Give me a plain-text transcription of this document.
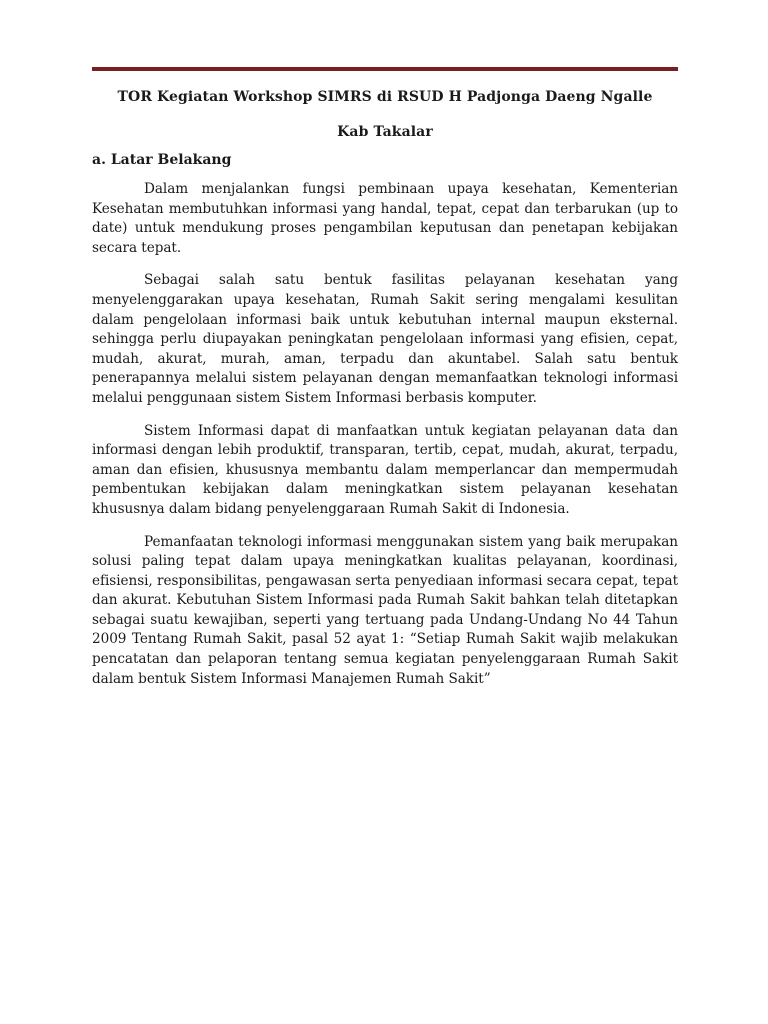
TOR Kegiatan Workshop SIMRS di RSUD H Padjonga Daeng Ngalle

Kab Takalar

a. Latar Belakang

Dalam menjalankan fungsi pembinaan upaya kesehatan, Kementerian Kesehatan membutuhkan informasi yang handal, tepat, cepat dan terbarukan (up to date) untuk mendukung proses pengambilan keputusan dan penetapan kebijakan secara tepat.

Sebagai salah satu bentuk fasilitas pelayanan kesehatan yang menyelenggarakan upaya kesehatan, Rumah Sakit sering mengalami kesulitan dalam pengelolaan informasi baik untuk kebutuhan internal maupun eksternal. sehingga perlu diupayakan peningkatan pengelolaan informasi yang efisien, cepat, mudah, akurat, murah, aman, terpadu dan akuntabel. Salah satu bentuk penerapannya melalui sistem pelayanan dengan memanfaatkan teknologi informasi melalui penggunaan sistem Sistem Informasi berbasis komputer.

Sistem Informasi dapat di manfaatkan untuk kegiatan pelayanan data dan informasi dengan lebih produktif, transparan, tertib, cepat, mudah, akurat, terpadu, aman dan efisien, khususnya membantu dalam memperlancar dan mempermudah pembentukan kebijakan dalam meningkatkan sistem pelayanan kesehatan khususnya dalam bidang penyelenggaraan Rumah Sakit di Indonesia.

Pemanfaatan teknologi informasi menggunakan sistem yang baik merupakan solusi paling tepat dalam upaya meningkatkan kualitas pelayanan, koordinasi, efisiensi, responsibilitas, pengawasan serta penyediaan informasi secara cepat, tepat dan akurat. Kebutuhan Sistem Informasi pada Rumah Sakit bahkan telah ditetapkan sebagai suatu kewajiban, seperti yang tertuang pada Undang-Undang No 44 Tahun 2009 Tentang Rumah Sakit, pasal 52 ayat 1: “Setiap Rumah Sakit wajib melakukan pencatatan dan pelaporan tentang semua kegiatan penyelenggaraan Rumah Sakit dalam bentuk Sistem Informasi Manajemen Rumah Sakit”
